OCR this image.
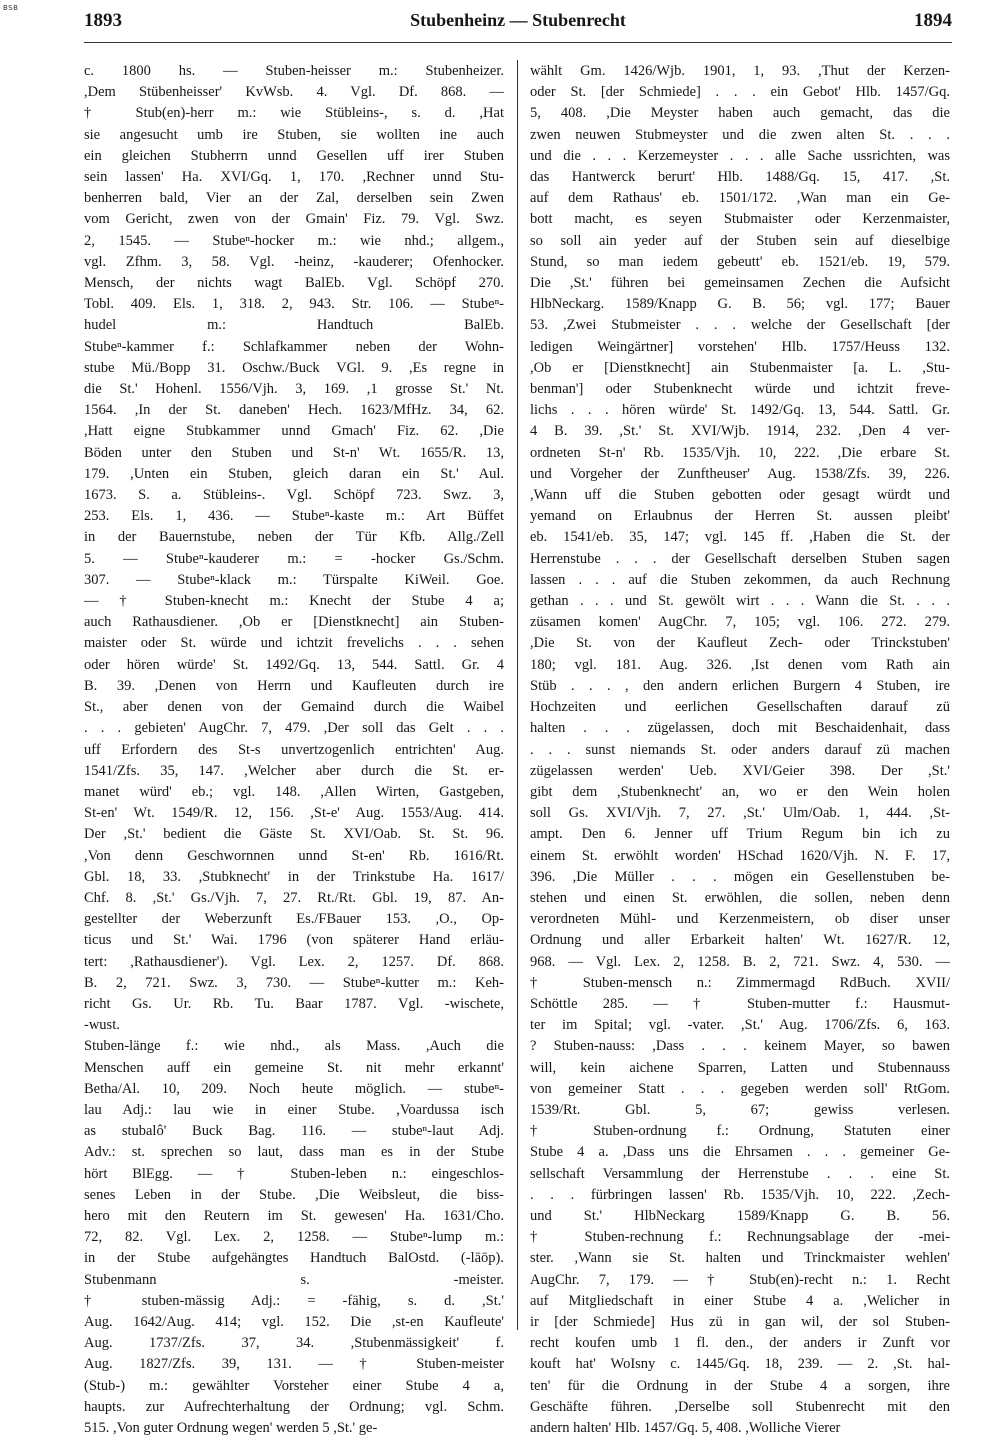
BSB
1893	Stubenheinz — Stubenrecht	1894

c. 1800 hs. — Stuben-heisser m.: Stubenheizer.

,Dem Stübenheisser' KvWsb. 4. Vgl. Df. 868. —

† Stub(en)-herr m.: wie Stübleins-, s. d. ,Hat

sie angesucht umb ire Stuben, sie wollten ine auch

ein gleichen Stubherrn unnd Gesellen uff irer Stuben

sein lassen' Ha. XVI/Gq. 1, 170. ,Rechner unnd Stu-

benherren bald, Vier an der Zal, derselben sein Zwen

vom Gericht, zwen von der Gmain' Fiz. 79. Vgl. Swz.

2, 1545. — Stubeⁿ-hocker m.: wie nhd.; allgem.,

vgl. Zfhm. 3, 58. Vgl. -heinz, -kauderer; Ofenhocker.

Mensch, der nichts wagt BalEb. Vgl. Schöpf 270.

Tobl. 409. Els. 1, 318. 2, 943. Str. 106. — Stubeⁿ-

hudel m.: Handtuch BalEb.

Stubeⁿ-kammer f.: Schlafkammer neben der Wohn-

stube Mü./Bopp 31. Oschw./Buck VGl. 9. ,Es regne in

die St.' Hohenl. 1556/Vjh. 3, 169. ,1 grosse St.' Nt.

1564. ,In der St. daneben' Hech. 1623/MfHz. 34, 62.

,Hatt eigne Stubkammer unnd Gmach' Fiz. 62. ,Die

Böden unter den Stuben und St-n' Wt. 1655/R. 13,

179. ,Unten ein Stuben, gleich daran ein St.' Aul.

1673. S. a. Stübleins-. Vgl. Schöpf 723. Swz. 3,

253. Els. 1, 436. — Stubeⁿ-kaste m.: Art Büffet

in der Bauernstube, neben der Tür Kfb. Allg./Zell

5. — Stubeⁿ-kauderer m.: = -hocker Gs./Schm.

307. — Stubeⁿ-klack m.: Türspalte KiWeil. Goe.

— † Stuben-knecht m.: Knecht der Stube 4 a;

auch Rathausdiener. ,Ob er [Dienstknecht] ain Stuben-

maister oder St. würde und ichtzit frevelichs . . . sehen

oder hören würde' St. 1492/Gq. 13, 544. Sattl. Gr. 4

B. 39. ,Denen von Herrn und Kaufleuten durch ire

St., aber denen von der Gemaind durch die Waibel

. . . gebieten' AugChr. 7, 479. ,Der soll das Gelt . . .

uff Erfordern des St-s unvertzogenlich entrichten' Aug.

1541/Zfs. 35, 147. ,Welcher aber durch die St. er-

manet würd' eb.; vgl. 148. ,Allen Wirten, Gastgeben,

St-en' Wt. 1549/R. 12, 156. ,St-e' Aug. 1553/Aug. 414.

Der ,St.' bedient die Gäste St. XVI/Oab. St. St. 96.

,Von denn Geschwornnen unnd St-en' Rb. 1616/Rt.

Gbl. 18, 33. ,Stubknecht' in der Trinkstube Ha. 1617/

Chf. 8. ,St.' Gs./Vjh. 7, 27. Rt./Rt. Gbl. 19, 87. An-

gestellter der Weberzunft Es./FBauer 153. ,O., Op-

ticus und St.' Wai. 1796 (von späterer Hand erläu-

tert: ,Rathausdiener'). Vgl. Lex. 2, 1257. Df. 868.

B. 2, 721. Swz. 3, 730. — Stubeⁿ-kutter m.: Keh-

richt Gs. Ur. Rb. Tu. Baar 1787. Vgl. -wischete,

-wust.

Stuben-länge f.: wie nhd., als Mass. ,Auch die

Menschen auff ein gemeine St. nit mehr erkannt'

Betha/Al. 10, 209. Noch heute möglich. — stubeⁿ-

lau Adj.: lau wie in einer Stube. ,Voardussa isch

as stubalô' Buck Bag. 116. — stubeⁿ-laut Adj.

Adv.: st. sprechen so laut, dass man es in der Stube

hört BlEgg. — † Stuben-leben n.: eingeschlos-

senes Leben in der Stube. ,Die Weibsleut, die biss-

hero mit den Reutern im St. gewesen' Ha. 1631/Cho.

72, 82. Vgl. Lex. 2, 1258. — Stubeⁿ-lump m.:

in der Stube aufgehängtes Handtuch BalOstd. (-lāōp).

Stubenmann s. -meister.

† stuben-mässig Adj.: = -fähig, s. d. ,St.'

Aug. 1642/Aug. 414; vgl. 152. Die ,st-en Kaufleute'

Aug. 1737/Zfs. 37, 34. ,Stubenmässigkeit' f.

Aug. 1827/Zfs. 39, 131. — † Stuben-meister

(Stub-) m.: gewählter Vorsteher einer Stube 4 a,

haupts. zur Aufrechterhaltung der Ordnung; vgl. Schm.

515. ,Von guter Ordnung wegen' werden 5 ,St.' ge-

wählt Gm. 1426/Wjb. 1901, 1, 93. ,Thut der Kerzen-

oder St. [der Schmiede] . . . ein Gebot' Hlb. 1457/Gq.

5, 408. ,Die Meyster haben auch gemacht, das die

zwen neuwen Stubmeyster und die zwen alten St. . . .

und die . . . Kerzemeyster . . . alle Sache ussrichten, was

das Hantwerck berurt' Hlb. 1488/Gq. 15, 417. ,St.

auf dem Rathaus' eb. 1501/172. ,Wan man ein Ge-

bott macht, es seyen Stubmaister oder Kerzenmaister,

so soll ain yeder auf der Stuben sein auf dieselbige

Stund, so man iedem gebeutt' eb. 1521/eb. 19, 579.

Die ,St.' führen bei gemeinsamen Zechen die Aufsicht

HlbNeckarg. 1589/Knapp G. B. 56; vgl. 177; Bauer

53. ,Zwei Stubmeister . . . welche der Gesellschaft [der

ledigen Weingärtner] vorstehen' Hlb. 1757/Heuss 132.

,Ob er [Dienstknecht] ain Stubenmaister [a. L. ,Stu-

benman'] oder Stubenknecht würde und ichtzit freve-

lichs . . . hören würde' St. 1492/Gq. 13, 544. Sattl. Gr.

4 B. 39. ,St.' St. XVI/Wjb. 1914, 232. ,Den 4 ver-

ordneten St-n' Rb. 1535/Vjh. 10, 222. ,Die erbare St.

und Vorgeher der Zunftheuser' Aug. 1538/Zfs. 39, 226.

,Wann uff die Stuben gebotten oder gesagt würdt und

yemand on Erlaubnus der Herren St. aussen pleibt'

eb. 1541/eb. 35, 147; vgl. 145 ff. ,Haben die St. der

Herrenstube . . . der Gesellschaft derselben Stuben sagen

lassen . . . auf die Stuben zekommen, da auch Rechnung

gethan . . . und St. gewölt wirt . . . Wann die St. . . .

züsamen komen' AugChr. 7, 105; vgl. 106. 272. 279.

,Die St. von der Kaufleut Zech- oder Trinckstuben'

180; vgl. 181. Aug. 326. ,Ist denen vom Rath ain

Stüb . . . , den andern erlichen Burgern 4 Stuben, ire

Hochzeiten und eerlichen Gesellschaften darauf zü

halten . . . zügelassen, doch mit Beschaidenhait, dass

. . . sunst niemands St. oder anders darauf zü machen

zügelassen werden' Ueb. XVI/Geier 398. Der ,St.'

gibt dem ,Stubenknecht' an, wo er den Wein holen

soll Gs. XVI/Vjh. 7, 27. ,St.' Ulm/Oab. 1, 444. ,St-

ampt. Den 6. Jenner uff Trium Regum bin ich zu

einem St. erwöhlt worden' HSchad 1620/Vjh. N. F. 17,

396. ,Die Müller . . . mögen ein Gesellenstuben be-

stehen und einen St. erwöhlen, die sollen, neben denn

verordneten Mühl- und Kerzenmeistern, ob diser unser

Ordnung und aller Erbarkeit halten' Wt. 1627/R. 12,

968. — Vgl. Lex. 2, 1258. B. 2, 721. Swz. 4, 530. —

† Stuben-mensch n.: Zimmermagd RdBuch. XVII/

Schöttle 285. — † Stuben-mutter f.: Hausmut-

ter im Spital; vgl. -vater. ,St.' Aug. 1706/Zfs. 6, 163.

? Stuben-nauss: ,Dass . . . keinem Mayer, so bawen

will, kein aichene Sparren, Latten und Stubennauss

von gemeiner Statt . . . gegeben werden soll' RtGom.

1539/Rt. Gbl. 5, 67; gewiss verlesen.

† Stuben-ordnung f.: Ordnung, Statuten einer

Stube 4 a. ,Dass uns die Ehrsamen . . . gemeiner Ge-

sellschaft Versammlung der Herrenstube . . . eine St.

. . . fürbringen lassen' Rb. 1535/Vjh. 10, 222. ,Zech-

und St.' HlbNeckarg 1589/Knapp G. B. 56.

† Stuben-rechnung f.: Rechnungsablage der -mei-

ster. ,Wann sie St. halten und Trinckmaister wehlen'

AugChr. 7, 179. — † Stub(en)-recht n.: 1. Recht

auf Mitgliedschaft in einer Stube 4 a. ,Welicher in

ir [der Schmiede] Hus zü in gan wil, der sol Stuben-

recht koufen umb 1 fl. den., der anders ir Zunft vor

kouft hat' WoIsny c. 1445/Gq. 18, 239. — 2. ,St. hal-

ten' für die Ordnung in der Stube 4 a sorgen, ihre

Geschäfte führen. ,Derselbe soll Stubenrecht mit den

andern halten' Hlb. 1457/Gq. 5, 408. ,Wolliche Vierer
